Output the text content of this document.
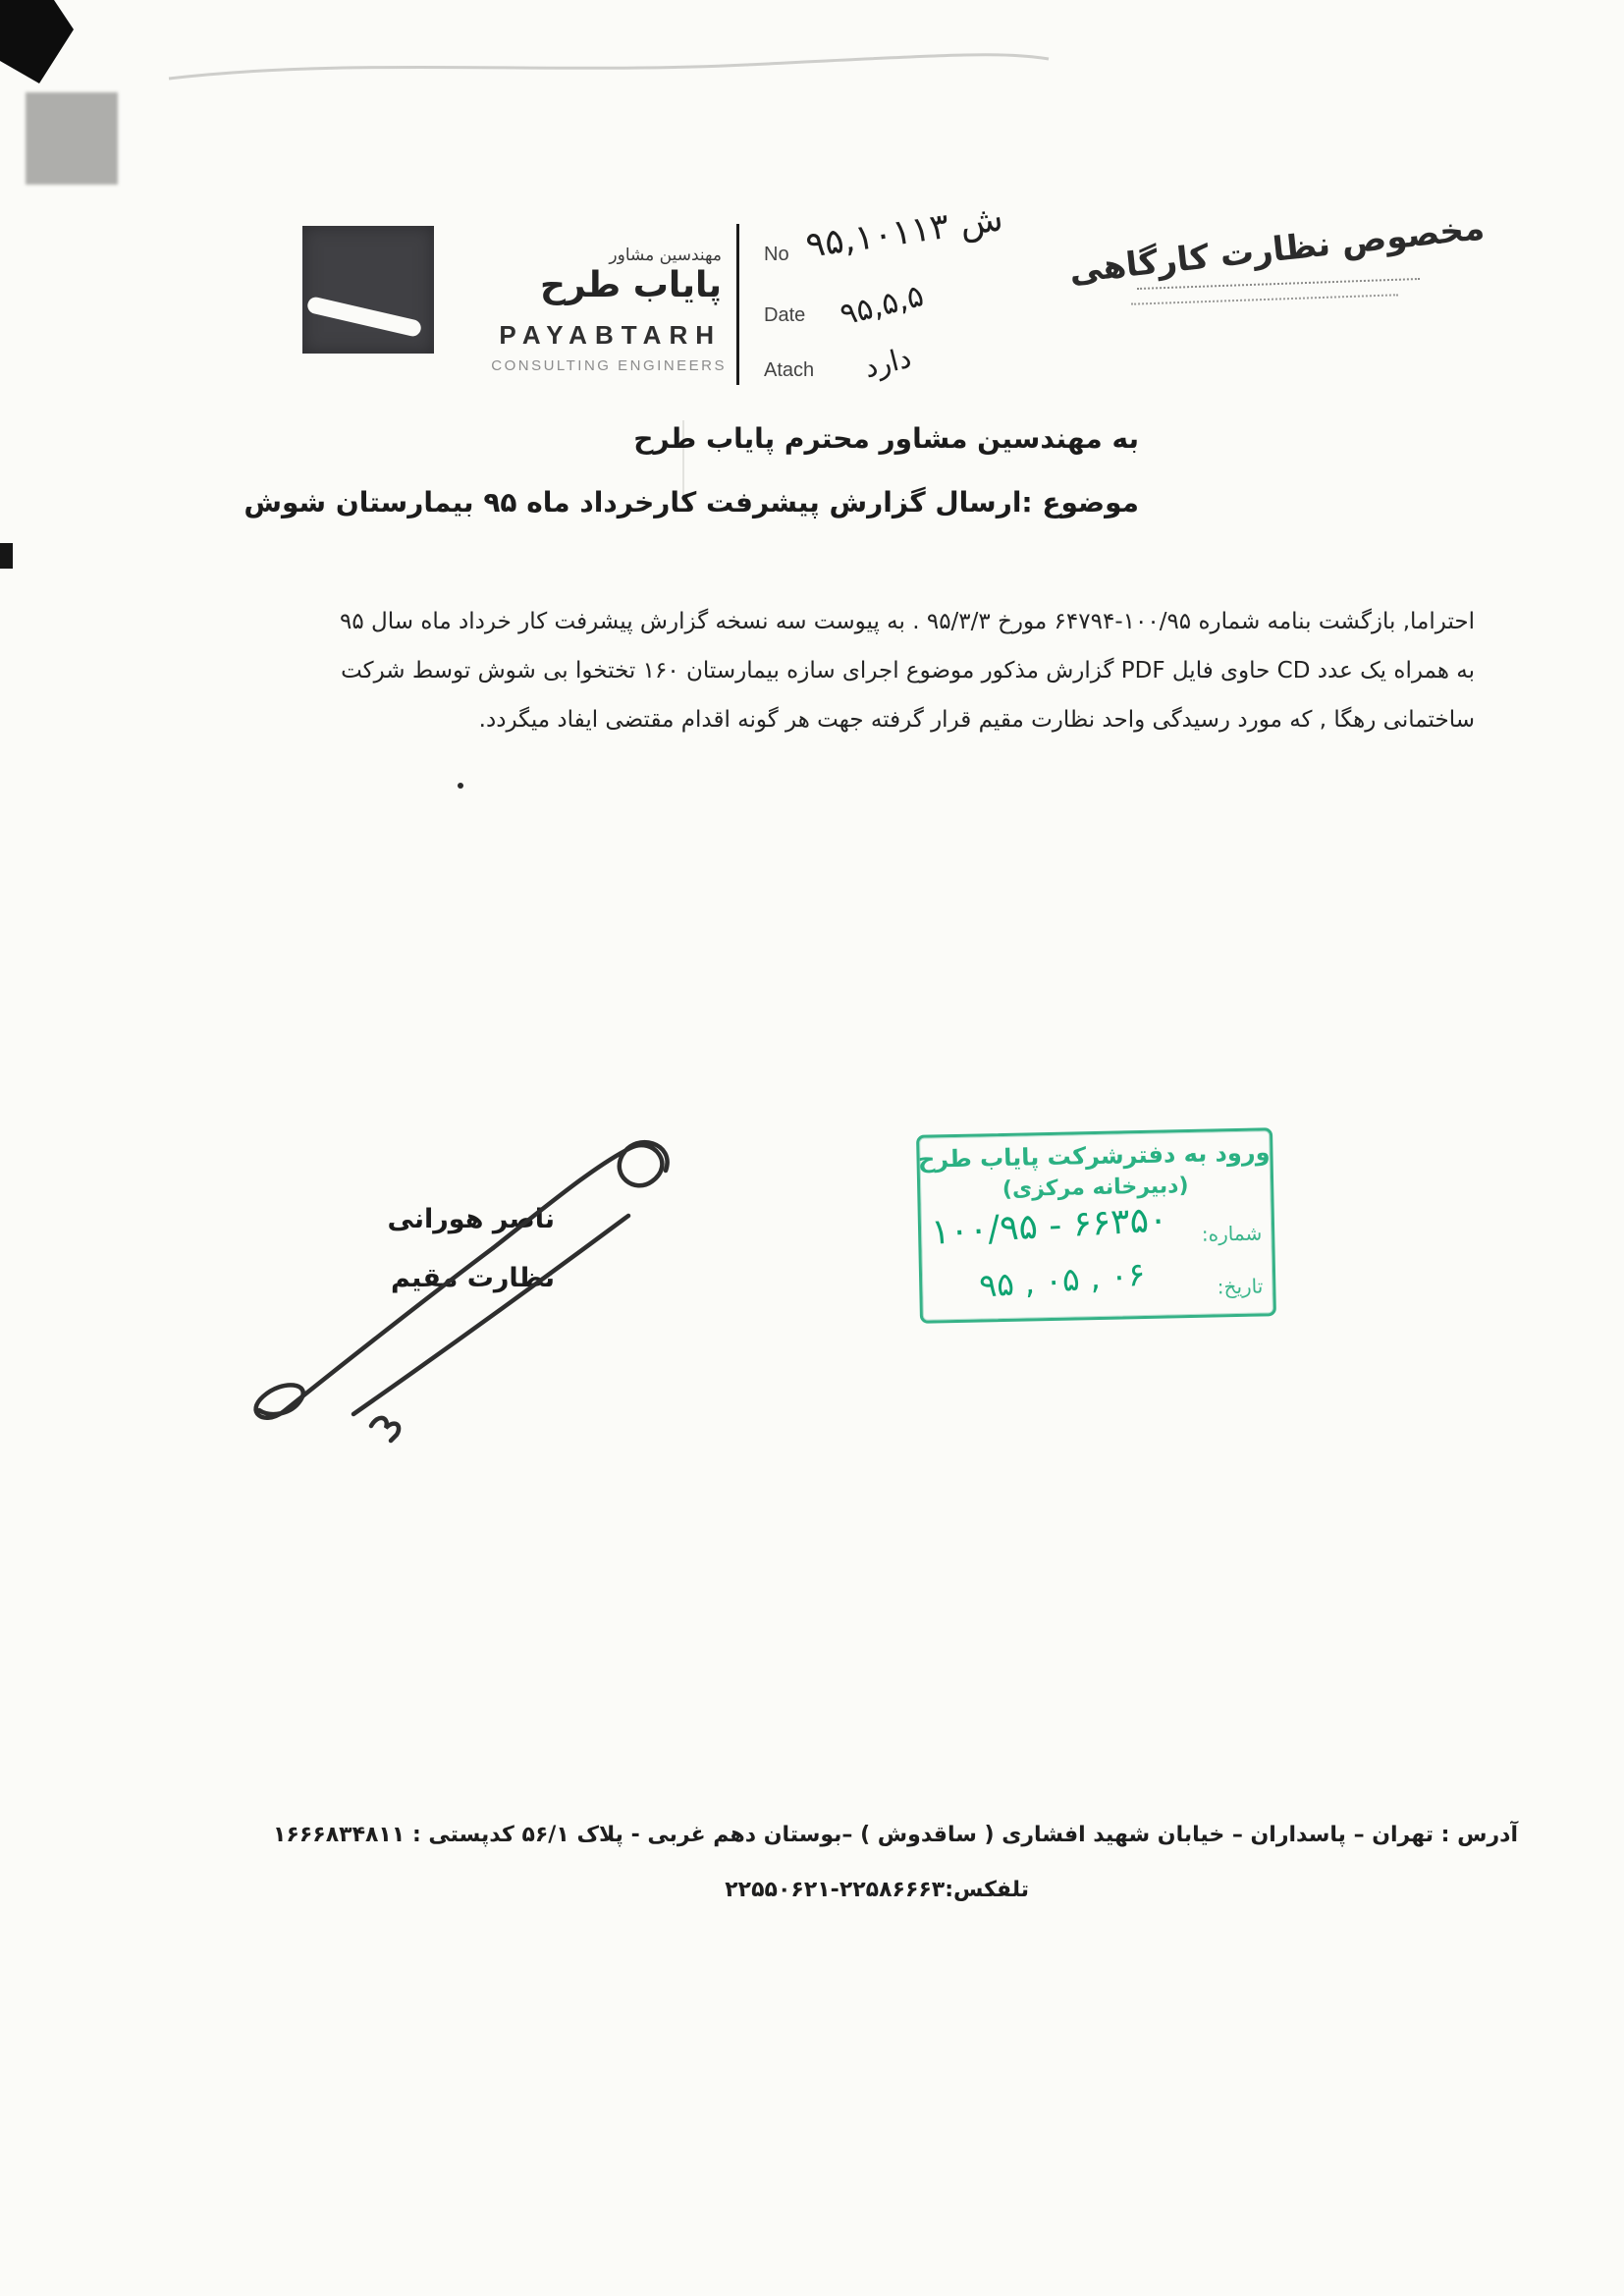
مخصوص نظارت کارگاهی
مهندسین مشاور
پایاب طرح
PAYABTARH
CONSULTING ENGINEERS
No
Date
Atach
ش ۹۵,۱۰۱۱۳
۹۵,۵,۵
دارد
به مهندسین مشاور محترم پایاب طرح
موضوع :ارسال گزارش پیشرفت کارخرداد ماه ۹۵ بیمارستان شوش
احتراما, بازگشت بنامه شماره ۱۰۰/۹۵-۶۴۷۹۴ مورخ ۹۵/۳/۳ . به پیوست سه نسخه گزارش پیشرفت کار خرداد ماه سال ۹۵
به همراه یک عدد CD حاوی فایل PDF گزارش مذکور موضوع اجرای سازه بیمارستان ۱۶۰ تختخوا بی شوش توسط شرکت
ساختمانی رهگا , که مورد رسیدگی واحد نظارت مقیم قرار گرفته جهت هر گونه اقدام مقتضی ایفاد میگردد.
ورود به دفترشرکت پایاب طرح
(دبیرخانه مرکزی)
شماره:
۱۰۰/۹۵ - ۶۶۳۵۰
تاریخ:
۹۵ , ۰۵ , ۰۶
ناصر هورانی
نظارت مقیم
آدرس : تهران – پاسداران – خیابان شهید افشاری ( ساقدوش ) –بوستان دهم غربی - پلاک ۵۶/۱ کدپستی : ۱۶۶۶۸۳۴۸۱۱
تلفکس:۲۲۵۸۶۶۶۳-۲۲۵۵۰۶۲۱
